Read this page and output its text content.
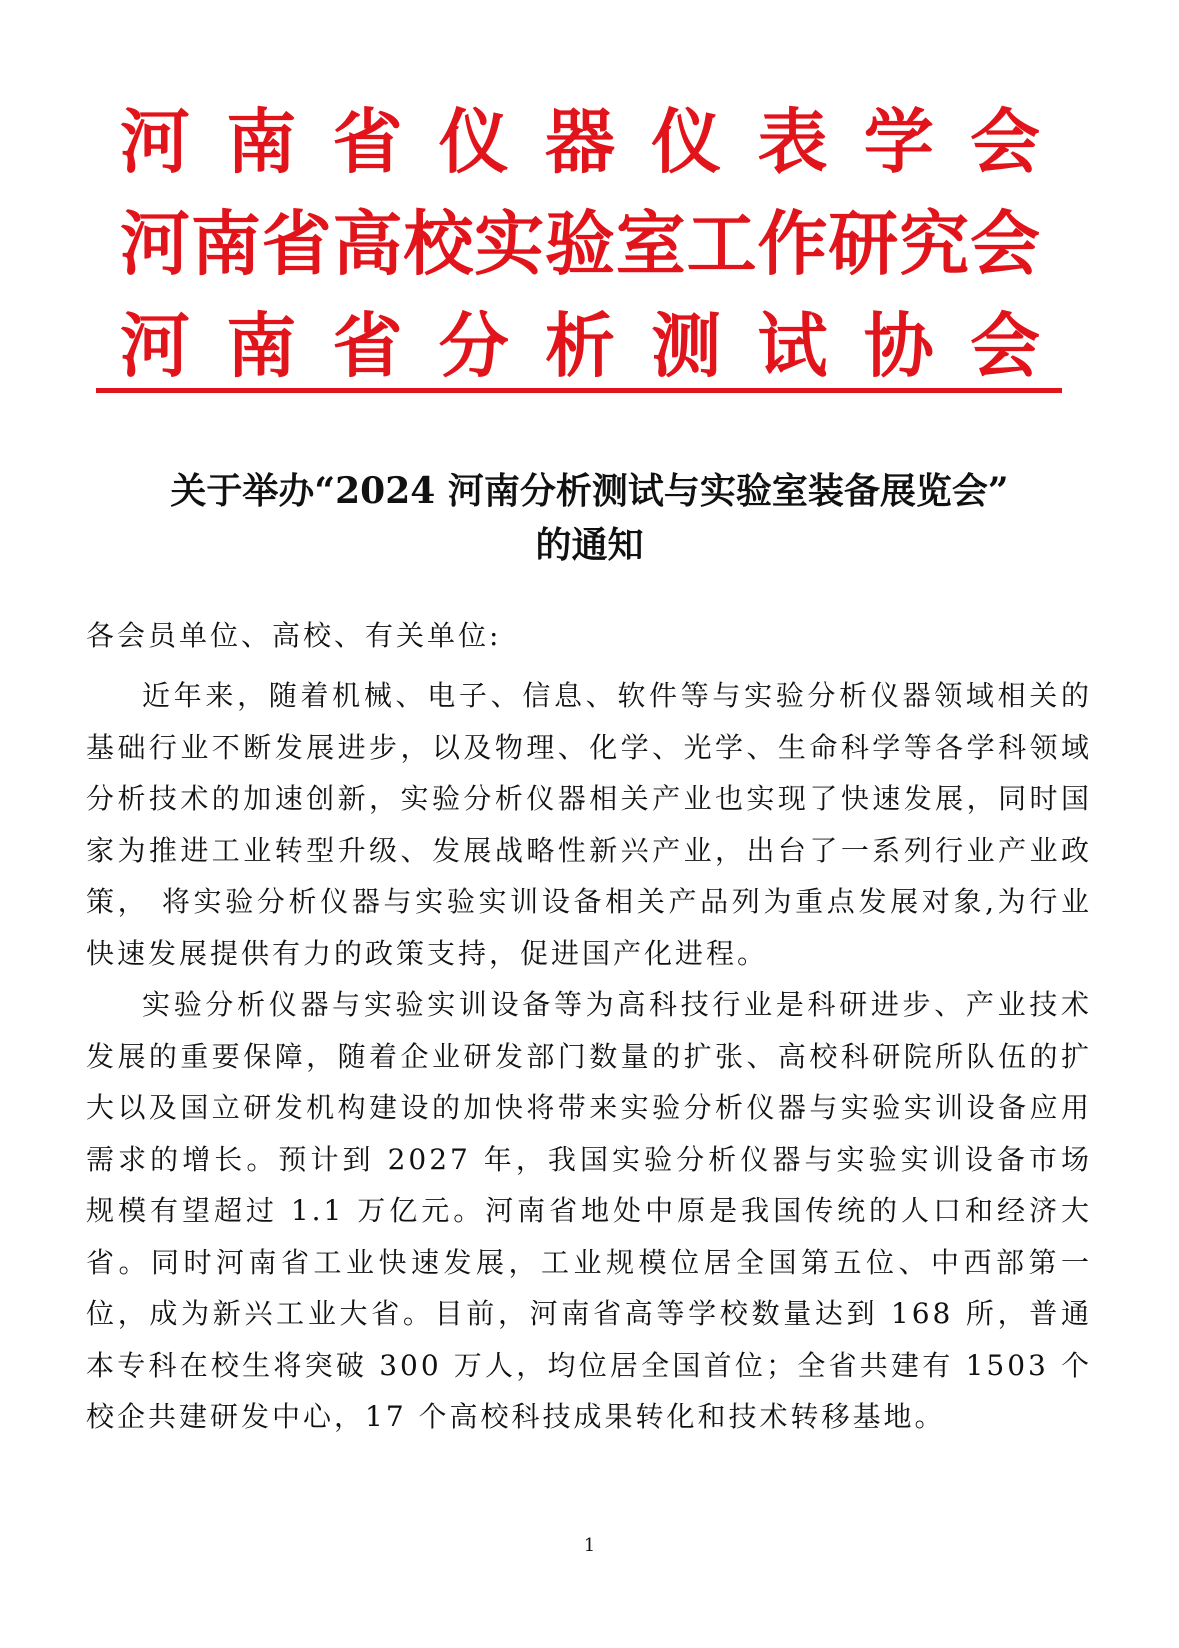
河 南 省 仪 器 仪 表 学 会
河 南 省 高 校 实 验 室 工 作 研 究 会
河 南 省 分 析 测 试 协 会
关于举办“2024 河南分析测试与实验室装备展览会”
的通知
各会员单位、高校、有关单位:

近年来，随着机械、电子、信息、软件等与实验分析仪器领域相关的基础行业不断发展进步，以及物理、化学、光学、生命科学等各学科领域分析技术的加速创新，实验分析仪器相关产业也实现了快速发展，同时国家为推进工业转型升级、发展战略性新兴产业，出台了一系列行业产业政策， 将实验分析仪器与实验实训设备相关产品列为重点发展对象,为行业快速发展提供有力的政策支持，促进国产化进程。

实验分析仪器与实验实训设备等为高科技行业是科研进步、产业技术发展的重要保障，随着企业研发部门数量的扩张、高校科研院所队伍的扩大以及国立研发机构建设的加快将带来实验分析仪器与实验实训设备应用需求的增长。预计到 2027 年，我国实验分析仪器与实验实训设备市场规模有望超过 1.1 万亿元。河南省地处中原是我国传统的人口和经济大省。同时河南省工业快速发展，工业规模位居全国第五位、中西部第一位，成为新兴工业大省。目前，河南省高等学校数量达到 168 所，普通本专科在校生将突破 300 万人，均位居全国首位；全省共建有 1503 个校企共建研发中心，17 个高校科技成果转化和技术转移基地。

1
